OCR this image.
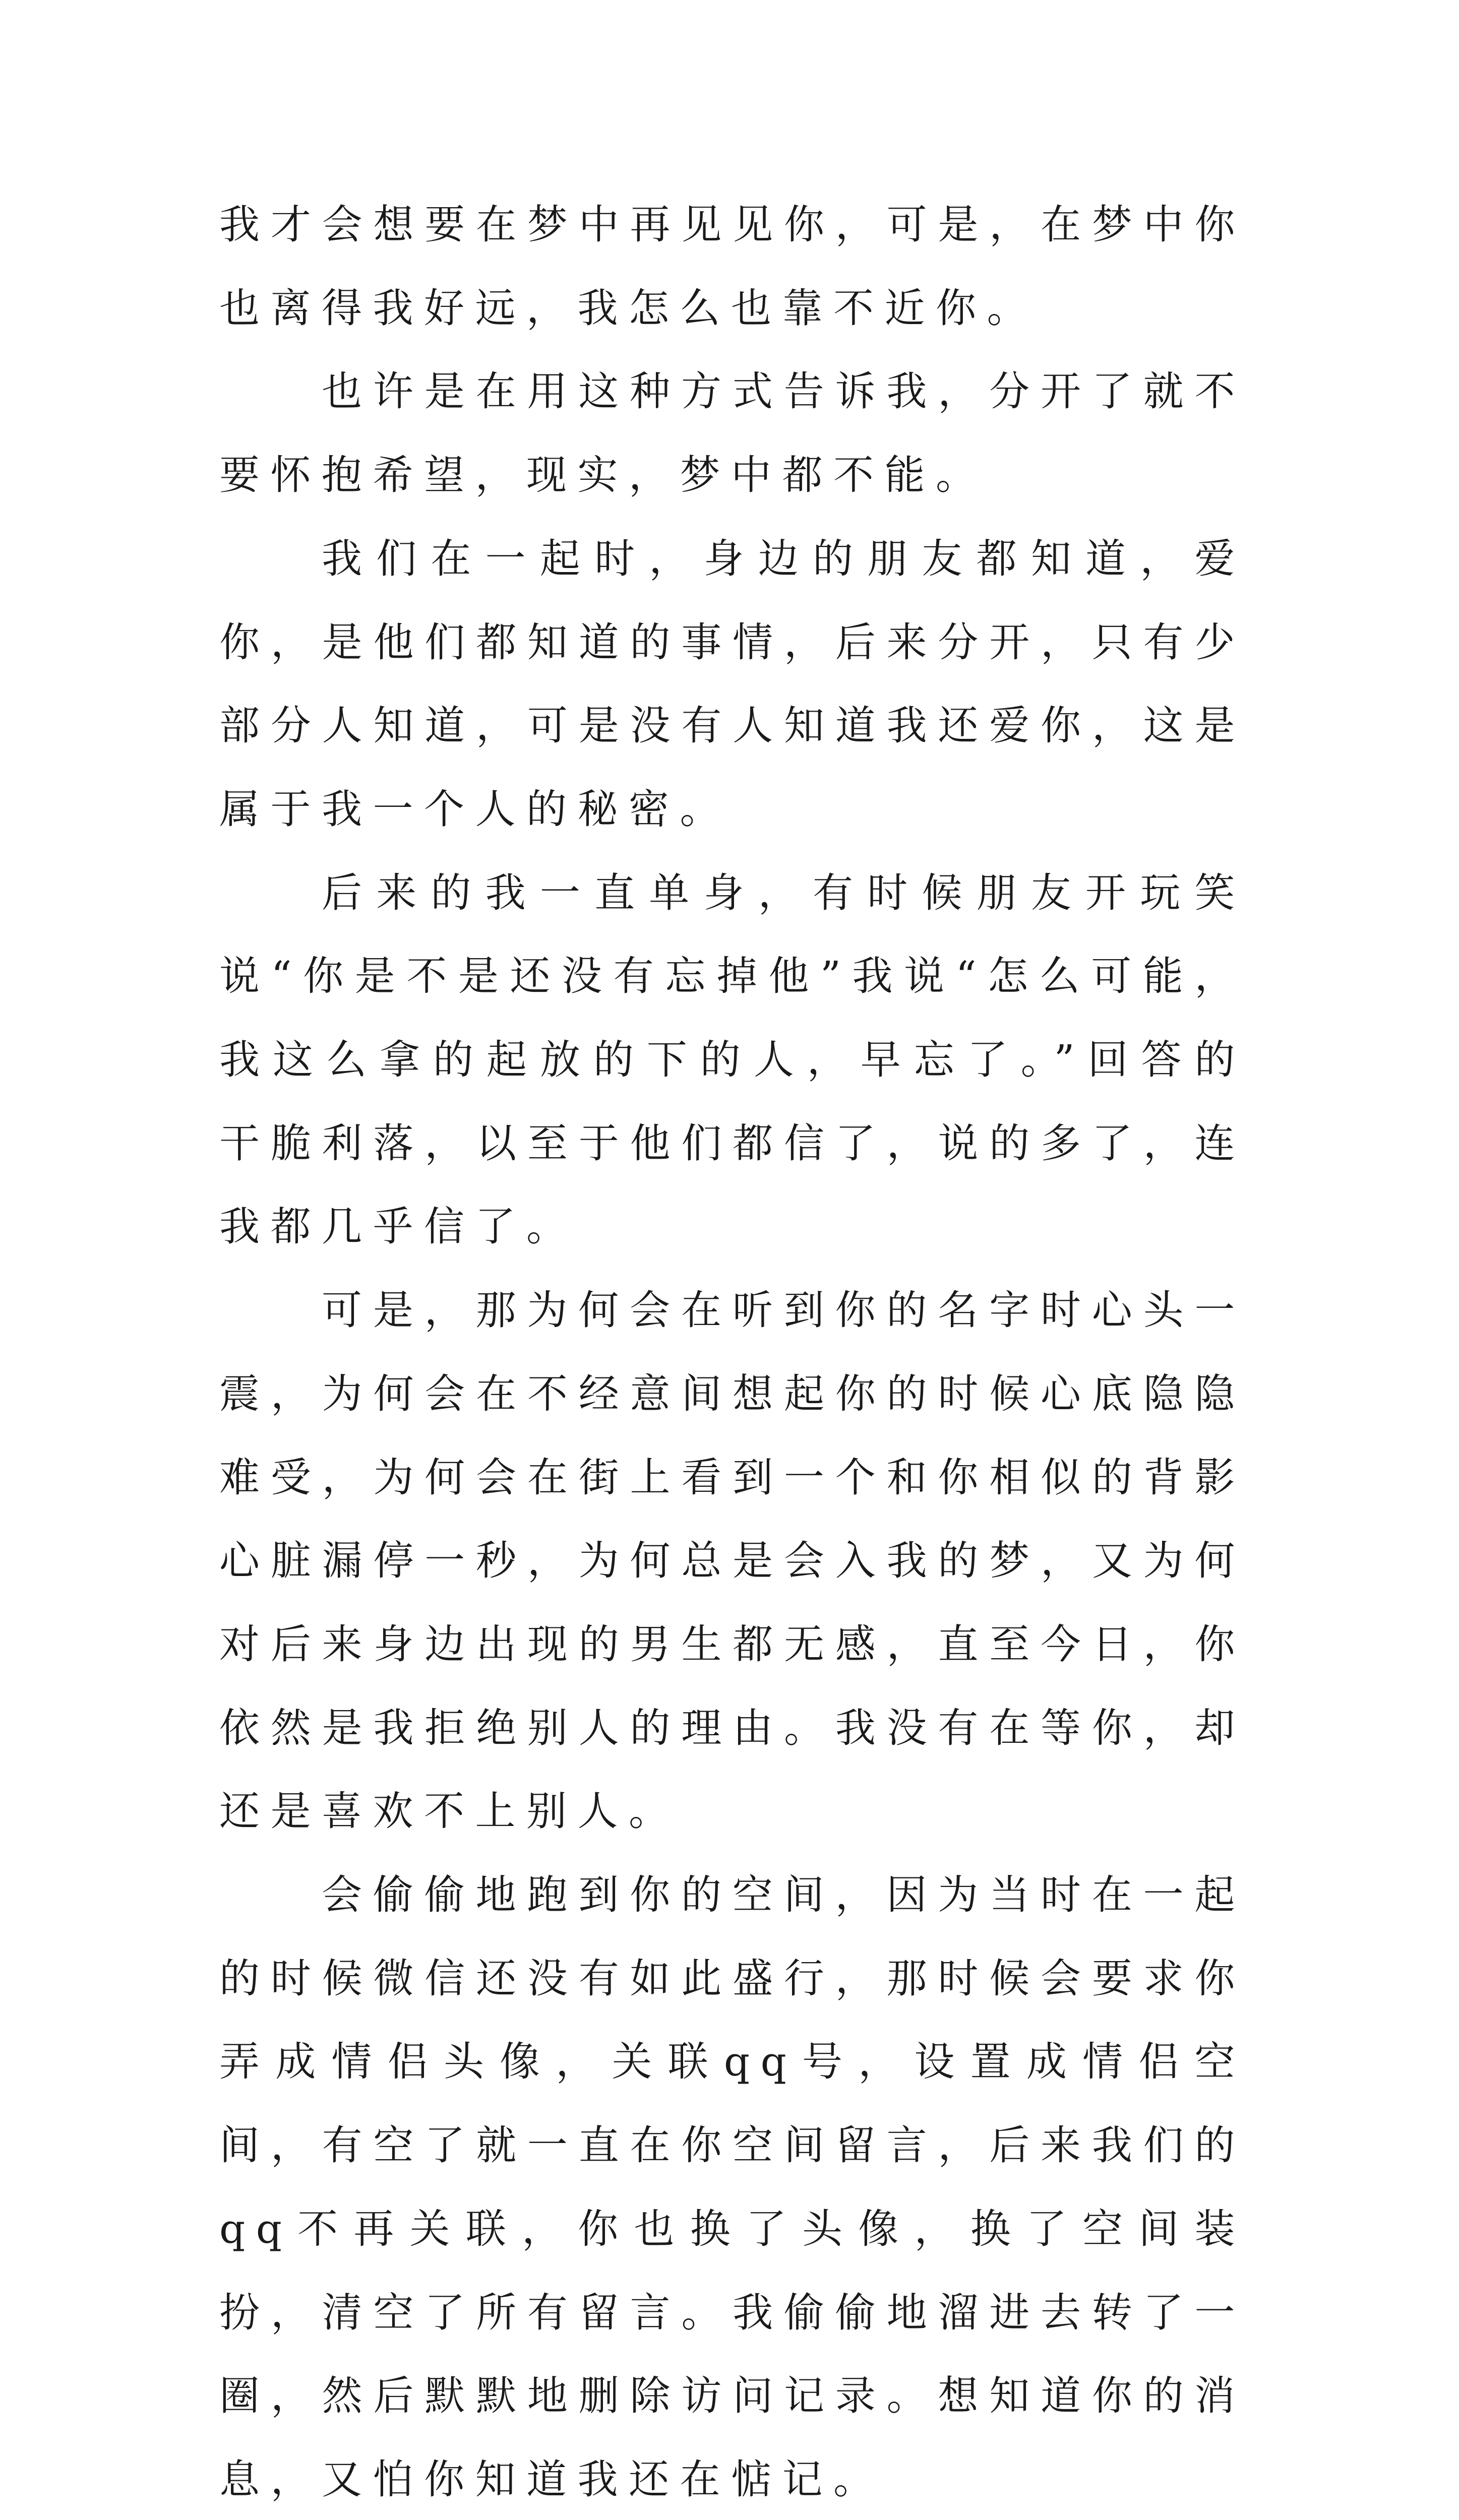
我才会想要在梦中再见见你，可是，在梦中你也离得我好远，我怎么也靠不近你。

也许是在用这种方式告诉我，分开了就不要怀抱希望，现实，梦中都不能。

我们在一起时，身边的朋友都知道，爱你，是他们都知道的事情，后来分开，只有少部分人知道，可是没有人知道我还爱你，这是属于我一个人的秘密。

后来的我一直单身，有时候朋友开玩笑说“你是不是还没有忘掉他”我说“怎么可能，我这么拿的起放的下的人，早忘了。”回答的干脆利落，以至于他们都信了，说的多了，连我都几乎信了。

可是，那为何会在听到你的名字时心头一震，为何会在不经意间想起你的时候心底隐隐难受，为何会在街上看到一个和你相似的背影心脏漏停一秒，为何总是会入我的梦，又为何对后来身边出现的男生都无感，直至今日，你依然是我拒绝别人的理由。我没有在等你，却还是喜欢不上别人。

会偷偷地跑到你的空间，因为当时在一起的时候微信还没有如此盛行，那时候会要求你弄成情侣头像，关联qq号，设置成情侣空间，有空了就一直在你空间留言，后来我们的qq不再关联，你也换了头像，换了空间装扮，清空了所有留言。我偷偷地溜进去转了一圈，然后默默地删除访问记录。想知道你的消息，又怕你知道我还在惦记。
